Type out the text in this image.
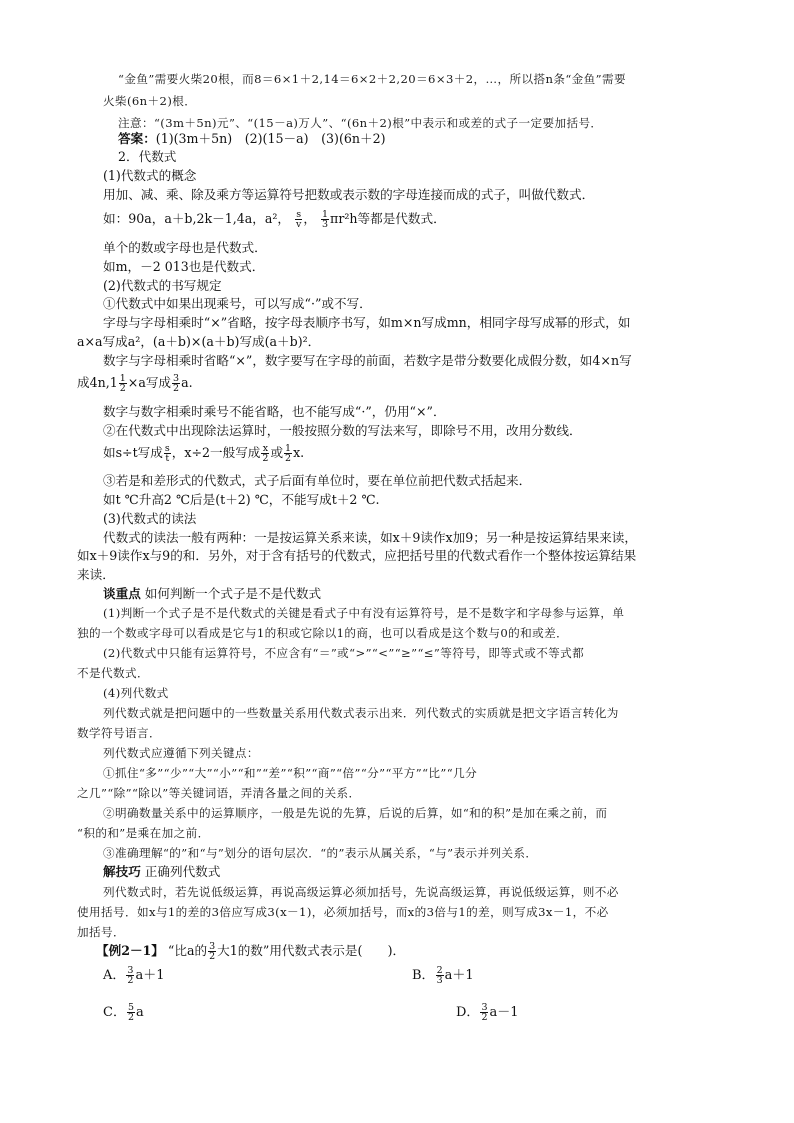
“金鱼”需要火柴20根，而8＝6×1＋2,14＝6×2＋2,20＝6×3＋2，…，所以搭n条“金鱼”需要
火柴(6n＋2)根．
注意：“(3m＋5n)元”、“(15－a)万人”、“(6n＋2)根”中表示和或差的式子一定要加括号．
答案：(1)(3m＋5n)　(2)(15－a)　(3)(6n＋2)
2．代数式
(1)代数式的概念
用加、减、乘、除及乘方等运算符号把数或表示数的字母连接而成的式子，叫做代数式．
如：90a，a＋b,2k－1,4a，a²， $\frac{s}{v}$ ， $\frac{1}{3} \pi r^2h$等都是代数式．
单个的数或字母也是代数式．
如m，－2 013也是代数式．
(2)代数式的书写规定
①代数式中如果出现乘号，可以写成“·”或不写．
字母与字母相乘时“×”省略，按字母表顺序书写，如m×n写成mn，相同字母写成幂的形式，如
a×a写成a²，(a＋b)×(a＋b)写成(a＋b)²．
数字与字母相乘时省略“×”，数字要写在字母的前面，若数字是带分数要化成假分数，如4×n写
成$4n,1 \frac{1}{2} \times a$写成 $\frac{3}{2} a$.
数字与数字相乘时乘号不能省略，也不能写成“·”，仍用“×”．
②在代数式中出现除法运算时，一般按照分数的写法来写，即除号不用，改用分数线．
如s÷t写成 $\frac{s}{t}$ ，x÷2一般写成 $\frac{x}{2}$ 或 $\frac{1}{2} x$.
③若是和差形式的代数式，式子后面有单位时，要在单位前把代数式括起来．
如t ℃升高2 ℃后是(t＋2) ℃，不能写成t＋2 ℃.
(3)代数式的读法
代数式的读法一般有两种：一是按运算关系来读，如x＋9读作x加9；另一种是按运算结果来读，
如x＋9读作x与9的和．另外，对于含有括号的代数式，应把括号里的代数式看作一个整体按运算结果
来读．
谈重点 如何判断一个式子是不是代数式
(1)判断一个式子是不是代数式的关键是看式子中有没有运算符号，是不是数字和字母参与运算，单
独的一个数或字母可以看成是它与1的积或它除以1的商，也可以看成是这个数与0的和或差．
(2)代数式中只能有运算符号，不应含有“＝”或“>”“<”“≥”“≤”等符号，即等式或不等式都
不是代数式．
(4)列代数式
列代数式就是把问题中的一些数量关系用代数式表示出来．列代数式的实质就是把文字语言转化为
数学符号语言．
列代数式应遵循下列关键点：
①抓住“多”“少”“大”“小”“和”“差”“积”“商”“倍”“分”“平方”“比”“几分
之几”“除”“除以”等关键词语，弄清各量之间的关系．
②明确数量关系中的运算顺序，一般是先说的先算，后说的后算，如“和的积”是加在乘之前，而
“积的和”是乘在加之前．
③准确理解“的”和“与”划分的语句层次．“的”表示从属关系，“与”表示并列关系．
解技巧 正确列代数式
列代数式时，若先说低级运算，再说高级运算必须加括号，先说高级运算，再说低级运算，则不必
使用括号．如x与1的差的3倍应写成3(x－1)，必须加括号，而x的3倍与1的差，则写成3x－1，不必
加括号．
【例2－1】 “比a的 $\frac{3}{2}$ 大1的数”用代数式表示是(　　)．
A． $\frac{3}{2} a+1$	B． $\frac{2}{3} a+1$
C． $\frac{5}{2}$ a	D． $\frac{3}{2} a-1$
